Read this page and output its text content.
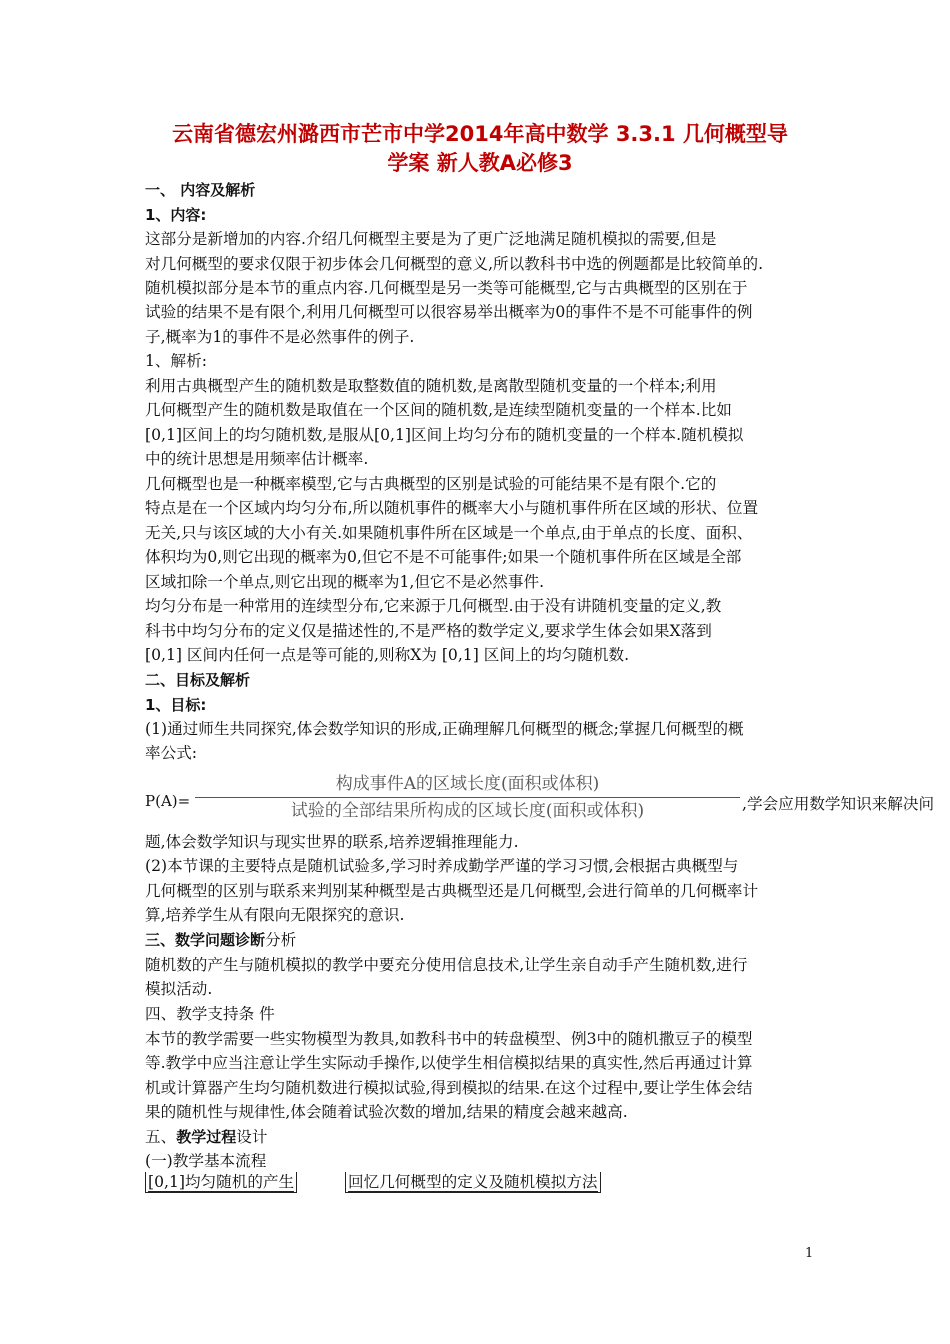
云南省德宏州潞西市芒市中学2014年高中数学 3.3.1 几何概型导
学案 新人教A必修3
一、 内容及解析
1、内容:
这部分是新增加的内容.介绍几何概型主要是为了更广泛地满足随机模拟的需要,但是
对几何概型的要求仅限于初步体会几何概型的意义,所以教科书中选的例题都是比较简单的.
随机模拟部分是本节的重点内容.几何概型是另一类等可能概型,它与古典概型的区别在于
试验的结果不是有限个,利用几何概型可以很容易举出概率为0的事件不是不可能事件的例
子,概率为1的事件不是必然事件的例子.
1、解析:
利用古典概型产生的随机数是取整数值的随机数,是离散型随机变量的一个样本;利用
几何概型产生的随机数是取值在一个区间的随机数,是连续型随机变量的一个样本.比如
[0,1]区间上的均匀随机数,是服从[0,1]区间上均匀分布的随机变量的一个样本.随机模拟
中的统计思想是用频率估计概率.
几何概型也是一种概率模型,它与古典概型的区别是试验的可能结果不是有限个.它的
特点是在一个区域内均匀分布,所以随机事件的概率大小与随机事件所在区域的形状、位置
无关,只与该区域的大小有关.如果随机事件所在区域是一个单点,由于单点的长度、面积、
体积均为0,则它出现的概率为0,但它不是不可能事件;如果一个随机事件所在区域是全部
区域扣除一个单点,则它出现的概率为1,但它不是必然事件.
均匀分布是一种常用的连续型分布,它来源于几何概型.由于没有讲随机变量的定义,教
科书中均匀分布的定义仅是描述性的,不是严格的数学定义,要求学生体会如果X落到
[0,1] 区间内任何一点是等可能的,则称X为 [0,1] 区间上的均匀随机数.
二、目标及解析
1、目标:
(1)通过师生共同探究,体会数学知识的形成,正确理解几何概型的概念;掌握几何概型的概
率公式:
P(A)=
构成事件A的区域长度(面积或体积)
试验的全部结果所构成的区域长度(面积或体积)	,学会应用数学知识来解决问
题,体会数学知识与现实世界的联系,培养逻辑推理能力.
(2)本节课的主要特点是随机试验多,学习时养成勤学严谨的学习习惯,会根据古典概型与
几何概型的区别与联系来判别某种概型是古典概型还是几何概型,会进行简单的几何概率计
算,培养学生从有限向无限探究的意识.
三、数学问题诊断分析
随机数的产生与随机模拟的教学中要充分使用信息技术,让学生亲自动手产生随机数,进行
模拟活动.
四、教学支持条 件
本节的教学需要一些实物模型为教具,如教科书中的转盘模型、例3中的随机撒豆子的模型
等.教学中应当注意让学生实际动手操作,以使学生相信模拟结果的真实性,然后再通过计算
机或计算器产生均匀随机数进行模拟试验,得到模拟的结果.在这个过程中,要让学生体会结
果的随机性与规律性,体会随着试验次数的增加,结果的精度会越来越高.
五、教学过程设计
(一)教学基本流程
[0,1]均匀随机的产生	回忆几何概型的定义及随机模拟方法
1
